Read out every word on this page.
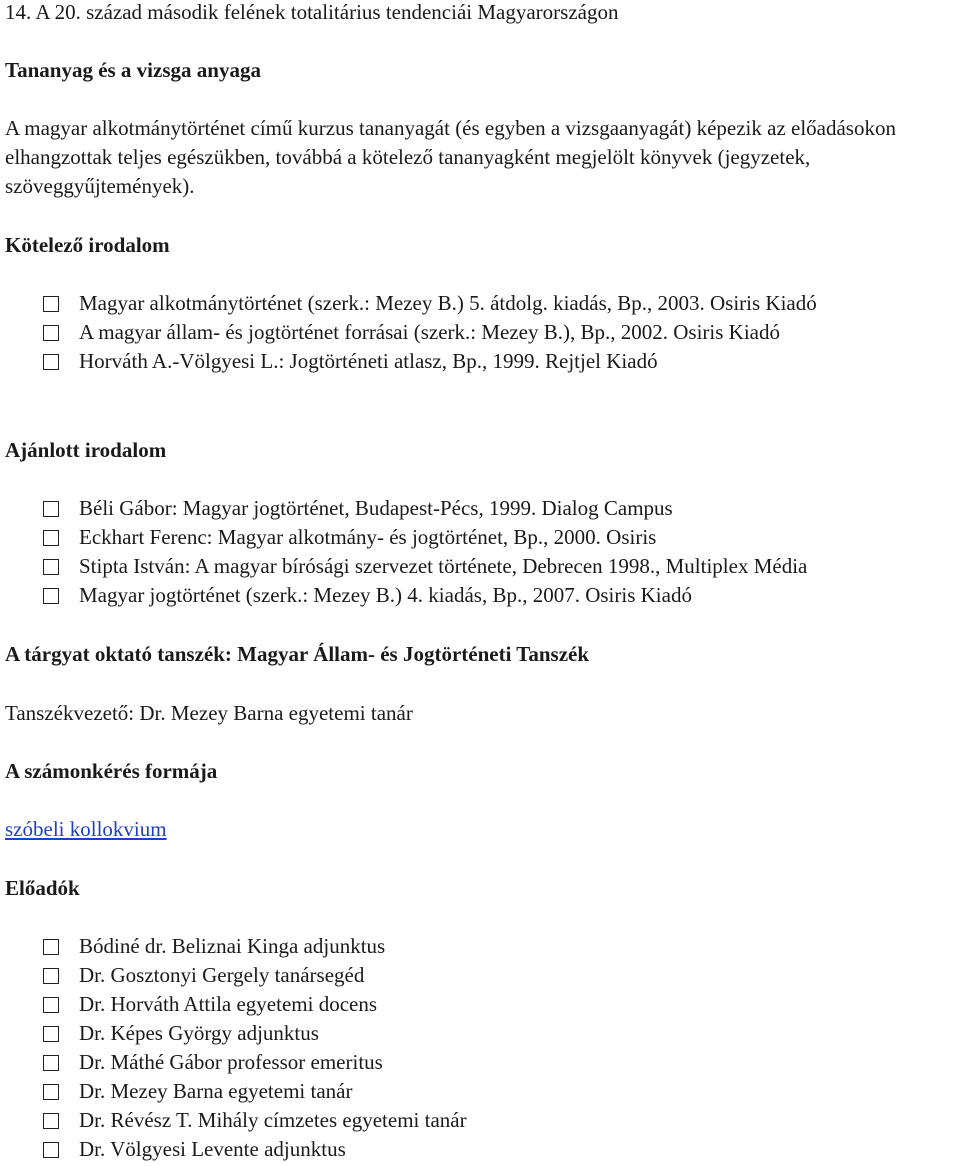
14. A 20. század második felének totalitárius tendenciái Magyarországon
Tananyag és a vizsga anyaga
A magyar alkotmánytörténet című kurzus tananyagát (és egyben a vizsgaanyagát) képezik az előadásokon elhangzottak teljes egészükben, továbbá a kötelező tananyagként megjelölt könyvek (jegyzetek, szöveggyűjtemények).
Kötelező irodalom
Magyar alkotmánytörténet (szerk.: Mezey B.) 5. átdolg. kiadás, Bp., 2003. Osiris Kiadó
A magyar állam- és jogtörténet forrásai (szerk.: Mezey B.), Bp., 2002. Osiris Kiadó
Horváth A.-Völgyesi L.: Jogtörténeti atlasz, Bp., 1999. Rejtjel Kiadó
Ajánlott irodalom
Béli Gábor: Magyar jogtörténet, Budapest-Pécs, 1999. Dialog Campus
Eckhart Ferenc: Magyar alkotmány- és jogtörténet, Bp., 2000. Osiris
Stipta István: A magyar bírósági szervezet története, Debrecen 1998., Multiplex Média
Magyar jogtörténet (szerk.: Mezey B.) 4. kiadás, Bp., 2007. Osiris Kiadó
A tárgyat oktató tanszék: Magyar Állam- és Jogtörténeti Tanszék
Tanszékvezető: Dr. Mezey Barna egyetemi tanár
A számonkérés formája
szóbeli kollokvium
Előadók
Bódiné dr. Beliznai Kinga adjunktus
Dr. Gosztonyi Gergely tanársegéd
Dr. Horváth Attila egyetemi docens
Dr. Képes György adjunktus
Dr. Máthé Gábor professor emeritus
Dr. Mezey Barna egyetemi tanár
Dr. Révész T. Mihály címzetes egyetemi tanár
Dr. Völgyesi Levente adjunktus
